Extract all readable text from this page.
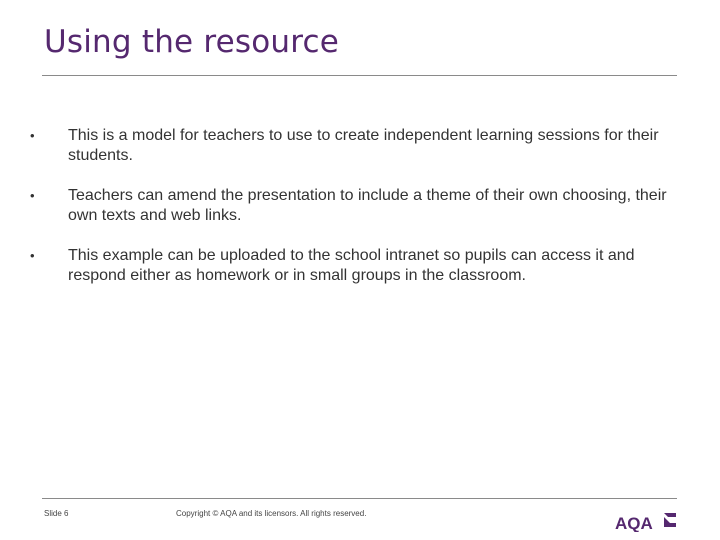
Using the resource
•	This is a model for teachers to use to create independent learning sessions for their students.
•	Teachers can amend the presentation to include a theme of their own choosing, their own texts and web links.
•	This example can be uploaded to the school intranet so pupils can access it and respond either as homework or in small groups in the classroom.
Slide 6	Copyright © AQA and its licensors. All rights reserved.
AQA
